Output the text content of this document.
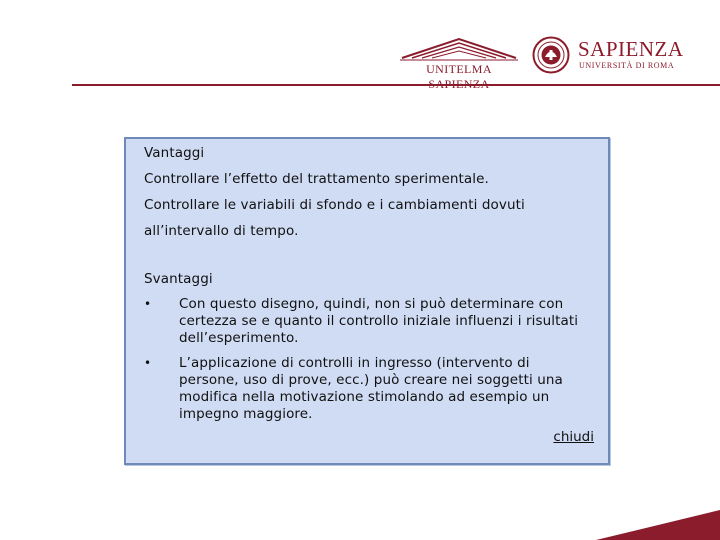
UNITELMA
SAPIENZA
UNIVERSITÀ DI ROMA
Vantaggi
Controllare l’effetto del trattamento sperimentale.
Controllare le variabili di sfondo e i cambiamenti dovuti
all’intervallo di tempo.
Svantaggi
• Con questo disegno, quindi, non si può determinare con certezza se e quanto il controllo iniziale influenzi i risultati dell’esperimento.
• L’applicazione di controlli in ingresso (intervento di persone, uso di prove, ecc.) può creare nei soggetti una modifica nella motivazione stimolando ad esempio un impegno maggiore.
chiudi
